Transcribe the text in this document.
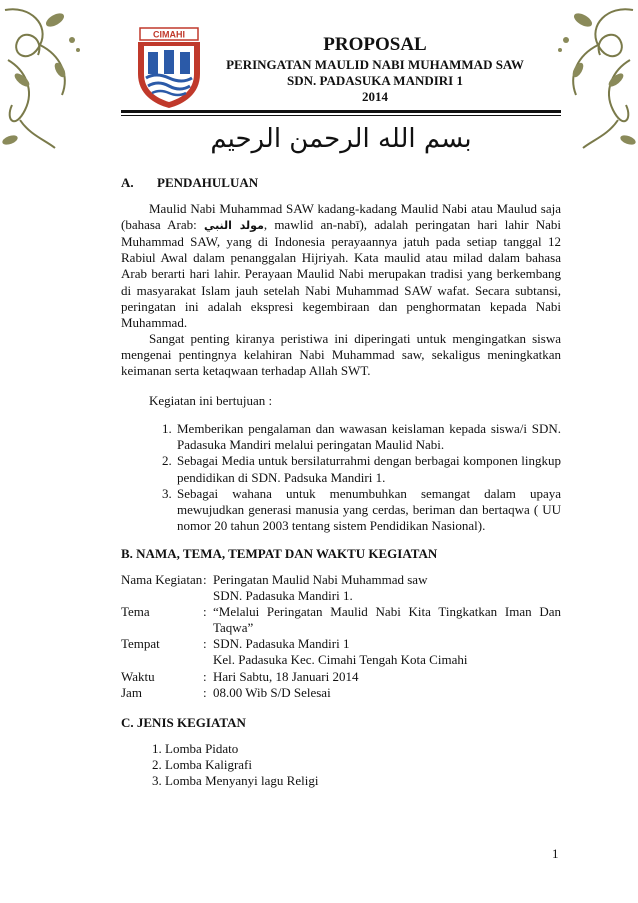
CIMAHI	PROPOSAL
PERINGATAN MAULID NABI MUHAMMAD SAW
SDN. PADASUKA MANDIRI 1
2014
بسم الله الرحمن الرحيم
A.	PENDAHULUAN

Maulid Nabi Muhammad SAW kadang-kadang Maulid Nabi atau Maulud saja (bahasa Arab: مولد النبي, mawlid an-nabī), adalah peringatan hari lahir Nabi Muhammad SAW, yang di Indonesia perayaannya jatuh pada setiap tanggal 12 Rabiul Awal dalam penanggalan Hijriyah. Kata maulid atau milad dalam bahasa Arab berarti hari lahir. Perayaan Maulid Nabi merupakan tradisi yang berkembang di masyarakat Islam jauh setelah Nabi Muhammad SAW wafat. Secara subtansi, peringatan ini adalah ekspresi kegembiraan dan penghormatan kepada Nabi Muhammad.

Sangat penting kiranya peristiwa ini diperingati untuk mengingatkan siswa mengenai pentingnya kelahiran Nabi Muhammad saw, sekaligus meningkatkan keimanan serta ketaqwaan terhadap Allah SWT.

Kegiatan ini bertujuan :
1. Memberikan pengalaman dan wawasan keislaman kepada siswa/i SDN. Padasuka Mandiri melalui peringatan Maulid Nabi.
2. Sebagai Media untuk bersilaturrahmi dengan berbagai komponen lingkup pendidikan di SDN. Padsuka Mandiri 1.
3. Sebagai wahana untuk menumbuhkan semangat dalam upaya mewujudkan generasi manusia yang cerdas, beriman dan bertaqwa ( UU nomor 20 tahun 2003 tentang sistem Pendidikan Nasional).
B. NAMA, TEMA, TEMPAT DAN WAKTU KEGIATAN
Nama Kegiatan : Peringatan Maulid Nabi Muhammad saw
SDN. Padasuka Mandiri 1.
Tema	: “Melalui Peringatan Maulid Nabi Kita Tingkatkan Iman Dan Taqwa”
Tempat	: SDN. Padasuka Mandiri 1
Kel. Padasuka Kec. Cimahi Tengah Kota Cimahi
Waktu	: Hari Sabtu, 18 Januari 2014
Jam	: 08.00 Wib S/D Selesai
C. JENIS KEGIATAN
1. Lomba Pidato
2. Lomba Kaligrafi
3. Lomba Menyanyi lagu Religi
1
